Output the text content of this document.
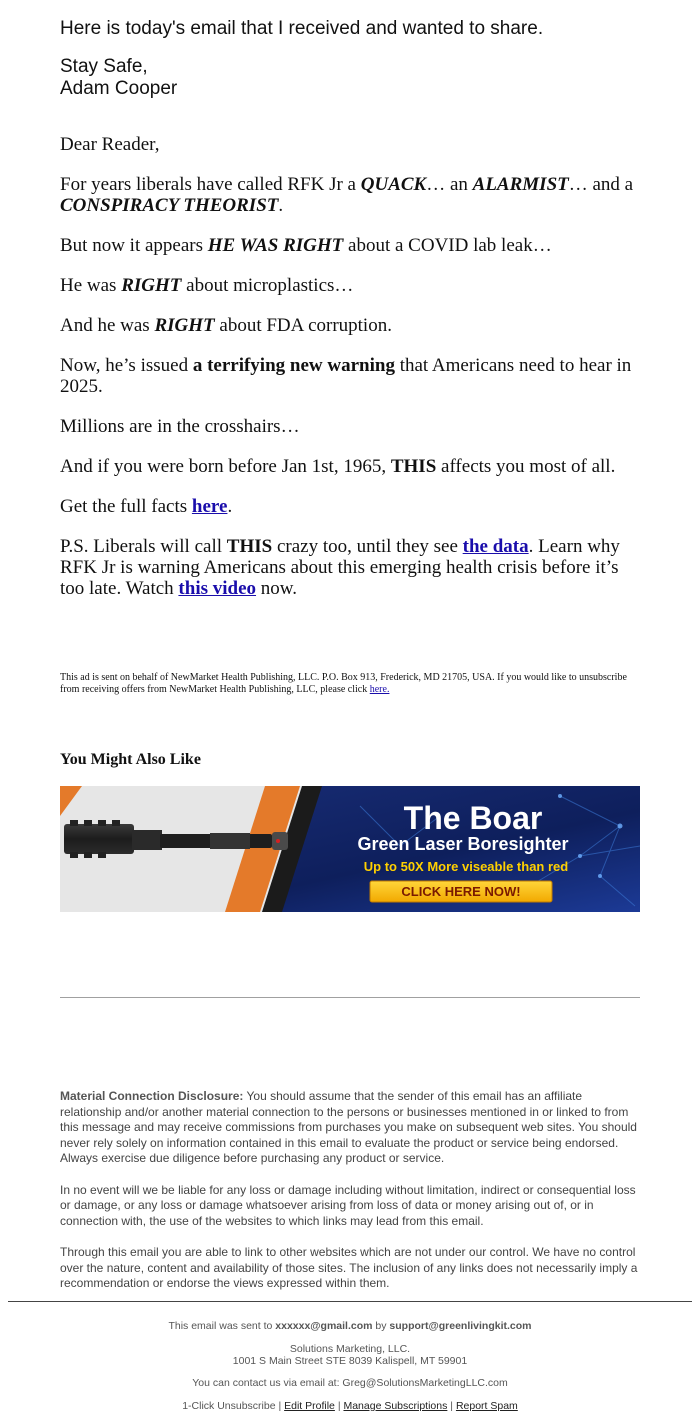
Here is today's email that I received and wanted to share.

Stay Safe,

Adam Cooper

Dear Reader,

For years liberals have called RFK Jr a QUACK… an ALARMIST… and a CONSPIRACY THEORIST.

But now it appears HE WAS RIGHT about a COVID lab leak…

He was RIGHT about microplastics…

And he was RIGHT about FDA corruption.

Now, he’s issued a terrifying new warning that Americans need to hear in 2025.

Millions are in the crosshairs…

And if you were born before Jan 1st, 1965, THIS affects you most of all.

Get the full facts here.

P.S. Liberals will call THIS crazy too, until they see the data. Learn why RFK Jr is warning Americans about this emerging health crisis before it’s too late. Watch this video now.

This ad is sent on behalf of NewMarket Health Publishing, LLC. P.O. Box 913, Frederick, MD 21705, USA. If you would like to unsubscribe from receiving offers from NewMarket Health Publishing, LLC, please click here.
You Might Also Like
The Boar
Green Laser Boresighter
Up to 50X More viseable than red
CLICK HERE NOW!

Material Connection Disclosure: You should assume that the sender of this email has an affiliate relationship and/or another material connection to the persons or businesses mentioned in or linked to from this message and may receive commissions from purchases you make on subsequent web sites. You should never rely solely on information contained in this email to evaluate the product or service being endorsed. Always exercise due diligence before purchasing any product or service.

In no event will we be liable for any loss or damage including without limitation, indirect or consequential loss or damage, or any loss or damage whatsoever arising from loss of data or money arising out of, or in connection with, the use of the websites to which links may lead from this email.

Through this email you are able to link to other websites which are not under our control. We have no control over the nature, content and availability of those sites. The inclusion of any links does not necessarily imply a recommendation or endorse the views expressed within them.

This email was sent to xxxxxx@gmail.com by support@greenlivingkit.com
Solutions Marketing, LLC.
1001 S Main Street STE 8039 Kalispell, MT 59901
You can contact us via email at: Greg@SolutionsMarketingLLC.com
1-Click Unsubscribe | Edit Profile | Manage Subscriptions | Report Spam
